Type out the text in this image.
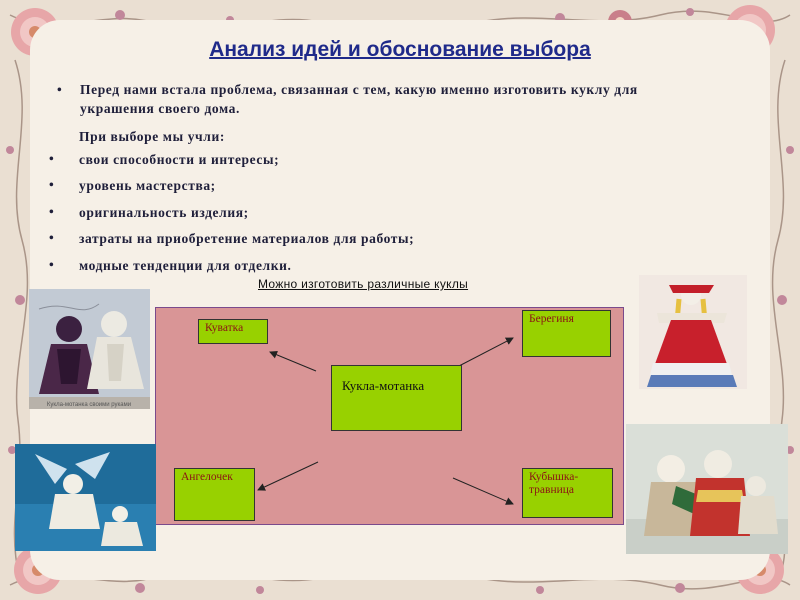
Анализ идей и обоснование выбора
• Перед нами встала проблема, связанная с тем, какую именно изготовить куклу для
украшения своего дома.
При выборе мы учли:
• свои способности и интересы;
• уровень мастерства;
• оригинальность изделия;
• затраты на приобретение материалов для работы;
• модные тенденции для отделки.
Можно изготовить различные куклы
Кукла-мотанка
Куватка
Берегиня
Ангелочек	Кубышка-травница
Кукла-мотанка своими руками
